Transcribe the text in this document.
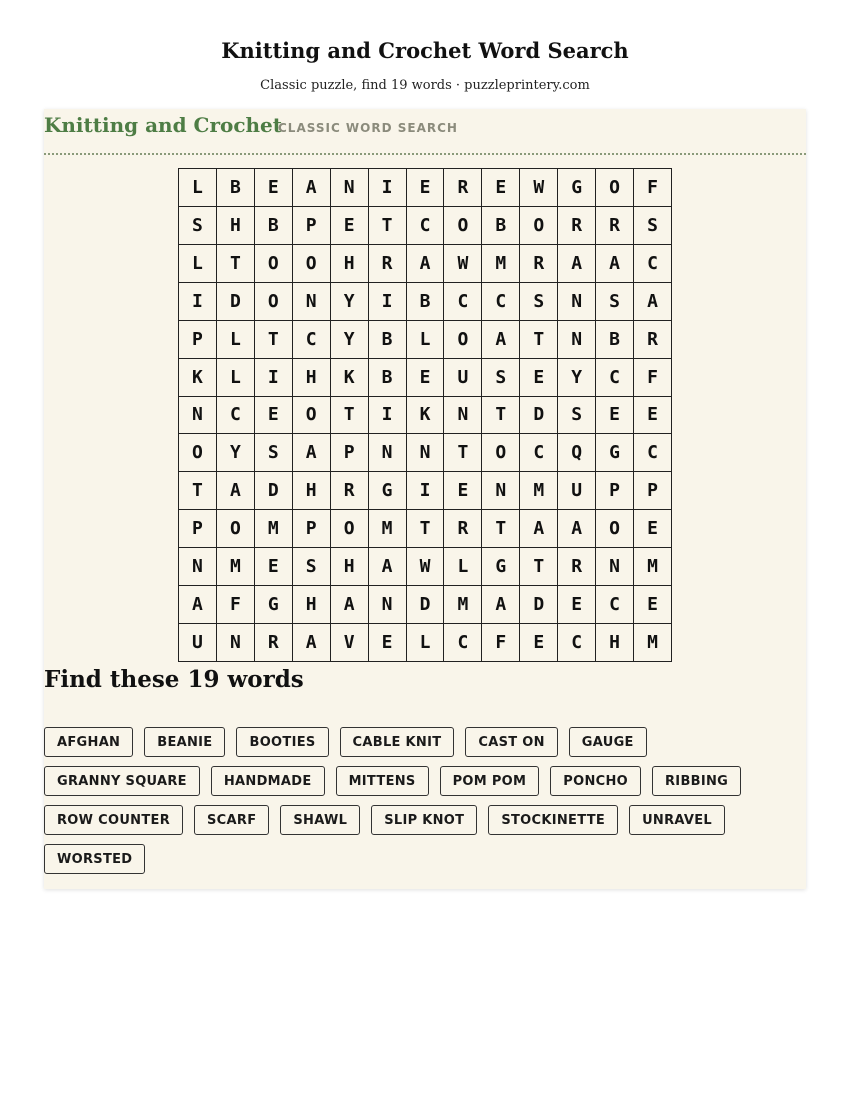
Knitting and Crochet Word Search
Classic puzzle, find 19 words · puzzleprintery.com
Knitting and Crochet
CLASSIC WORD SEARCH
L	B	E	A	N	I	E	R	E	W	G	O	F
S	H	B	P	E	T	C	O	B	O	R	R	S
L	T	O	O	H	R	A	W	M	R	A	A	C
I	D	O	N	Y	I	B	C	C	S	N	S	A
P	L	T	C	Y	B	L	O	A	T	N	B	R
K	L	I	H	K	B	E	U	S	E	Y	C	F
N	C	E	O	T	I	K	N	T	D	S	E	E
O	Y	S	A	P	N	N	T	O	C	Q	G	C
T	A	D	H	R	G	I	E	N	M	U	P	P
P	O	M	P	O	M	T	R	T	A	A	O	E
N	M	E	S	H	A	W	L	G	T	R	N	M
A	F	G	H	A	N	D	M	A	D	E	C	E
U	N	R	A	V	E	L	C	F	E	C	H	M
Find these 19 words
AFGHAN	BEANIE	BOOTIES	CABLE KNIT	CAST ON	GAUGE
GRANNY SQUARE	HANDMADE	MITTENS	POM POM	PONCHO	RIBBING
ROW COUNTER	SCARF	SHAWL	SLIP KNOT	STOCKINETTE	UNRAVEL
WORSTED
